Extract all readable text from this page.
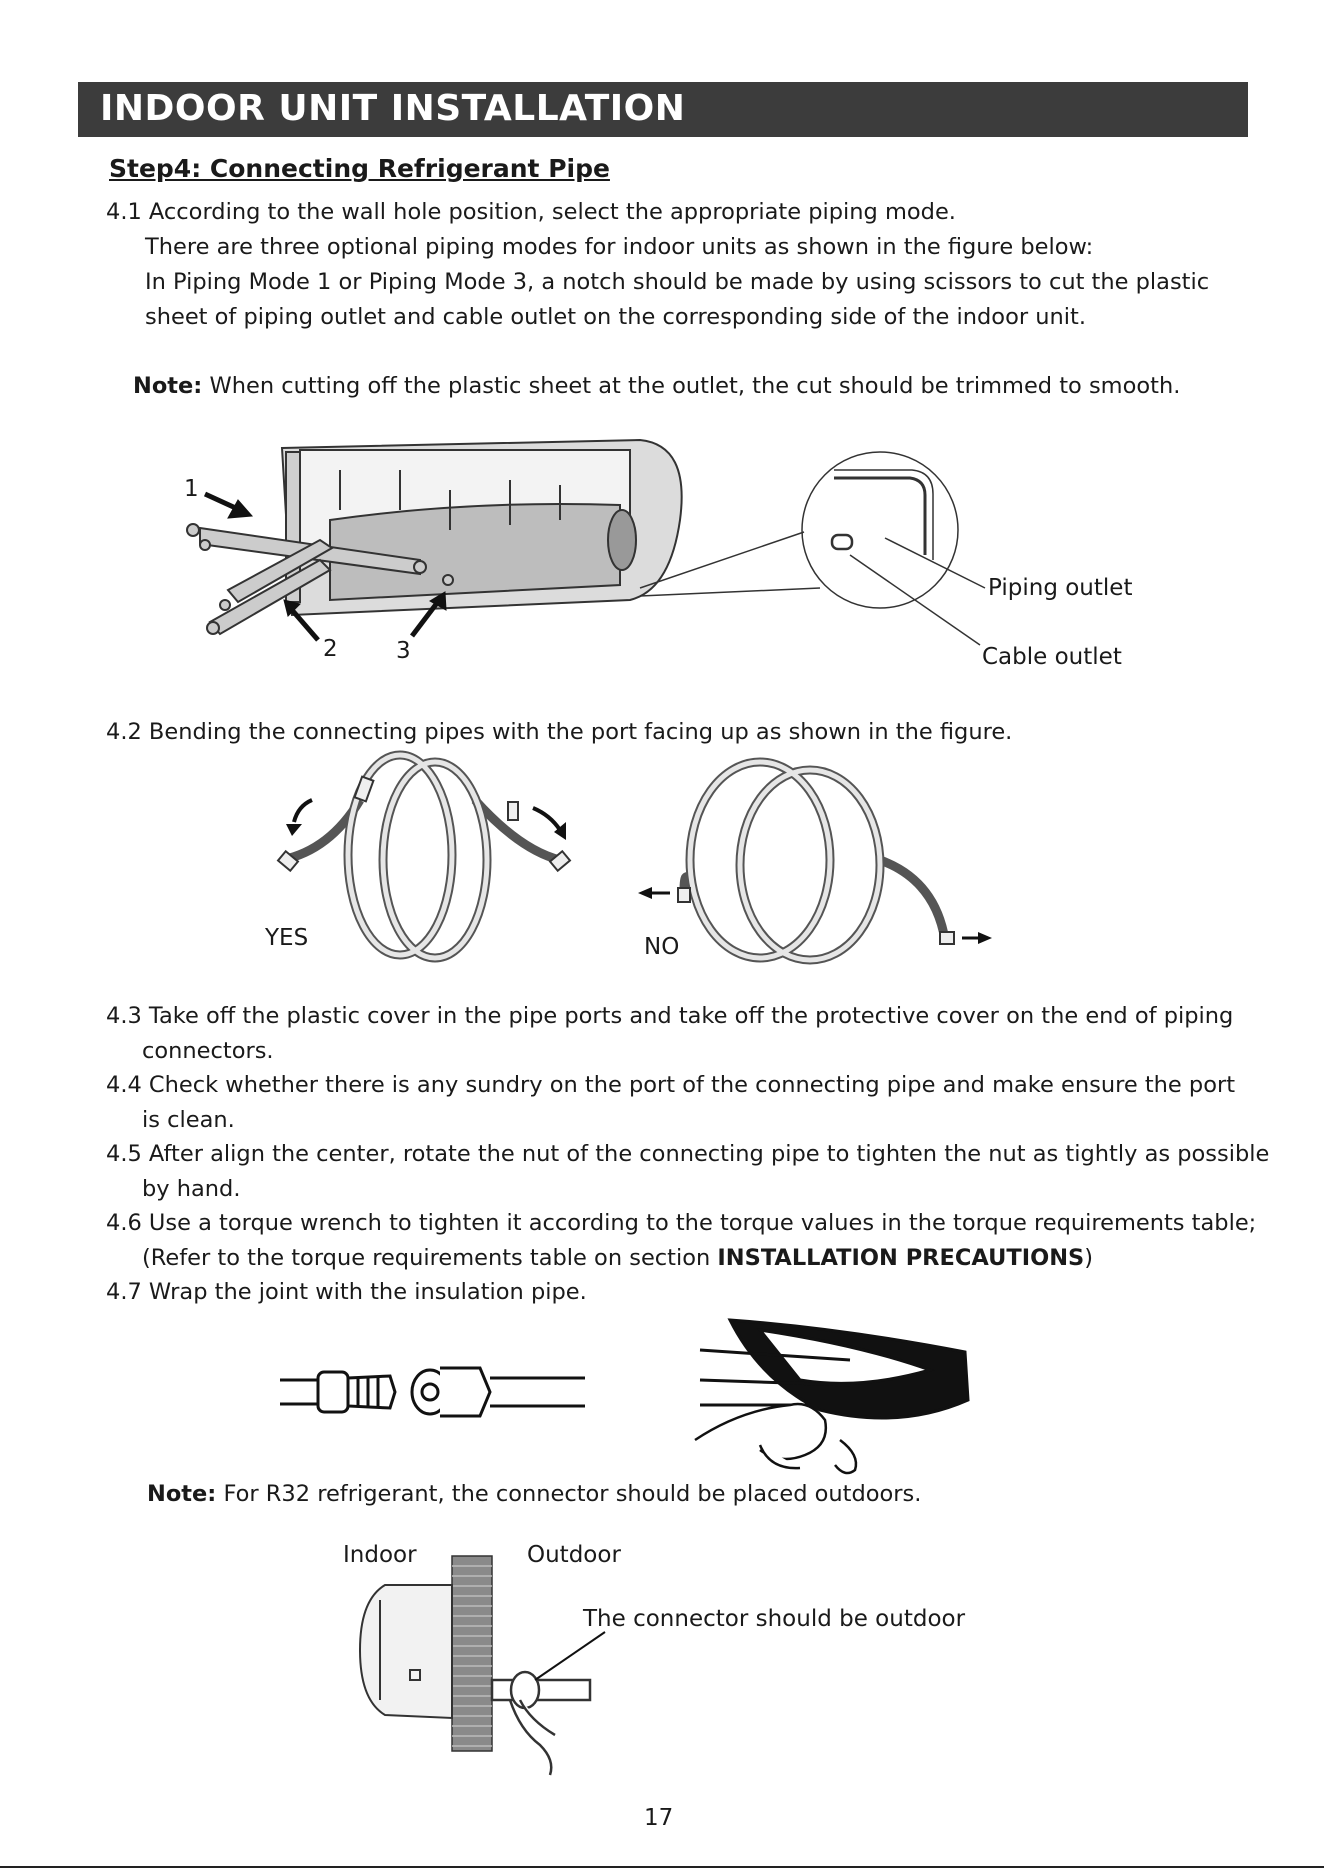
INDOOR UNIT INSTALLATION
Step4: Connecting Refrigerant Pipe
4.1 According to the wall hole position, select the appropriate piping mode.
There are three optional piping modes for indoor units as shown in the figure below:
In Piping Mode 1 or Piping Mode 3, a notch should be made by using scissors to cut the plastic
sheet of piping outlet and cable outlet on the corresponding side of the indoor unit.
Note: When cutting off the plastic sheet at the outlet, the cut should be trimmed to smooth.
1
2	3
Piping outlet
Cable outlet
4.2 Bending the connecting pipes with the port facing up as shown in the figure.
YES	NO
4.3 Take off the plastic cover in the pipe ports and take off the protective cover on the end of piping
connectors.
4.4 Check whether there is any sundry on the port of the connecting pipe and make ensure the port
is clean.
4.5 After align the center, rotate the nut of the connecting pipe to tighten the nut as tightly as possible
by hand.
4.6 Use a torque wrench to tighten it according to the torque values in the torque requirements table;
(Refer to the torque requirements table on section INSTALLATION PRECAUTIONS)
4.7 Wrap the joint with the insulation pipe.
Note: For R32 refrigerant, the connector should be placed outdoors.
Indoor	Outdoor
The connector should be outdoor
17
